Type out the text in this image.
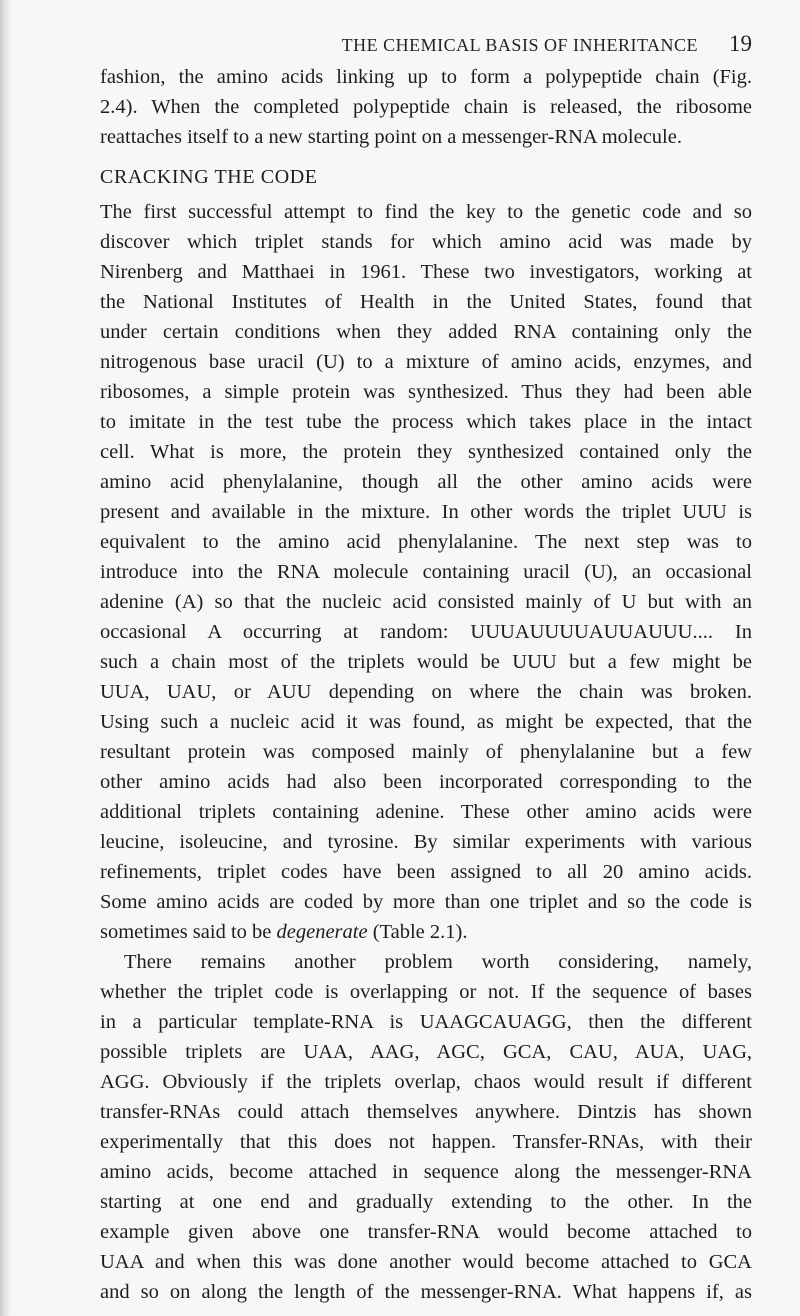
THE CHEMICAL BASIS OF INHERITANCE 19
fashion, the amino acids linking up to form a polypeptide chain (Fig.
2.4). When the completed polypeptide chain is released, the ribosome
reattaches itself to a new starting point on a messenger-RNA molecule.
CRACKING THE CODE
The first successful attempt to find the key to the genetic code and so
discover which triplet stands for which amino acid was made by
Nirenberg and Matthaei in 1961. These two investigators, working at
the National Institutes of Health in the United States, found that
under certain conditions when they added RNA containing only the
nitrogenous base uracil (U) to a mixture of amino acids, enzymes, and
ribosomes, a simple protein was synthesized. Thus they had been able
to imitate in the test tube the process which takes place in the intact
cell. What is more, the protein they synthesized contained only the
amino acid phenylalanine, though all the other amino acids were
present and available in the mixture. In other words the triplet UUU is
equivalent to the amino acid phenylalanine. The next step was to
introduce into the RNA molecule containing uracil (U), an occasional
adenine (A) so that the nucleic acid consisted mainly of U but with an
occasional A occurring at random: UUUAUUUUAUUAUUU.... In
such a chain most of the triplets would be UUU but a few might be
UUA, UAU, or AUU depending on where the chain was broken.
Using such a nucleic acid it was found, as might be expected, that the
resultant protein was composed mainly of phenylalanine but a few
other amino acids had also been incorporated corresponding to the
additional triplets containing adenine. These other amino acids were
leucine, isoleucine, and tyrosine. By similar experiments with various
refinements, triplet codes have been assigned to all 20 amino acids.
Some amino acids are coded by more than one triplet and so the code is
sometimes said to be degenerate (Table 2.1).
There remains another problem worth considering, namely,
whether the triplet code is overlapping or not. If the sequence of bases
in a particular template-RNA is UAAGCAUAGG, then the different
possible triplets are UAA, AAG, AGC, GCA, CAU, AUA, UAG,
AGG. Obviously if the triplets overlap, chaos would result if different
transfer-RNAs could attach themselves anywhere. Dintzis has shown
experimentally that this does not happen. Transfer-RNAs, with their
amino acids, become attached in sequence along the messenger-RNA
starting at one end and gradually extending to the other. In the
example given above one transfer-RNA would become attached to
UAA and when this was done another would become attached to GCA
and so on along the length of the messenger-RNA. What happens if, as
